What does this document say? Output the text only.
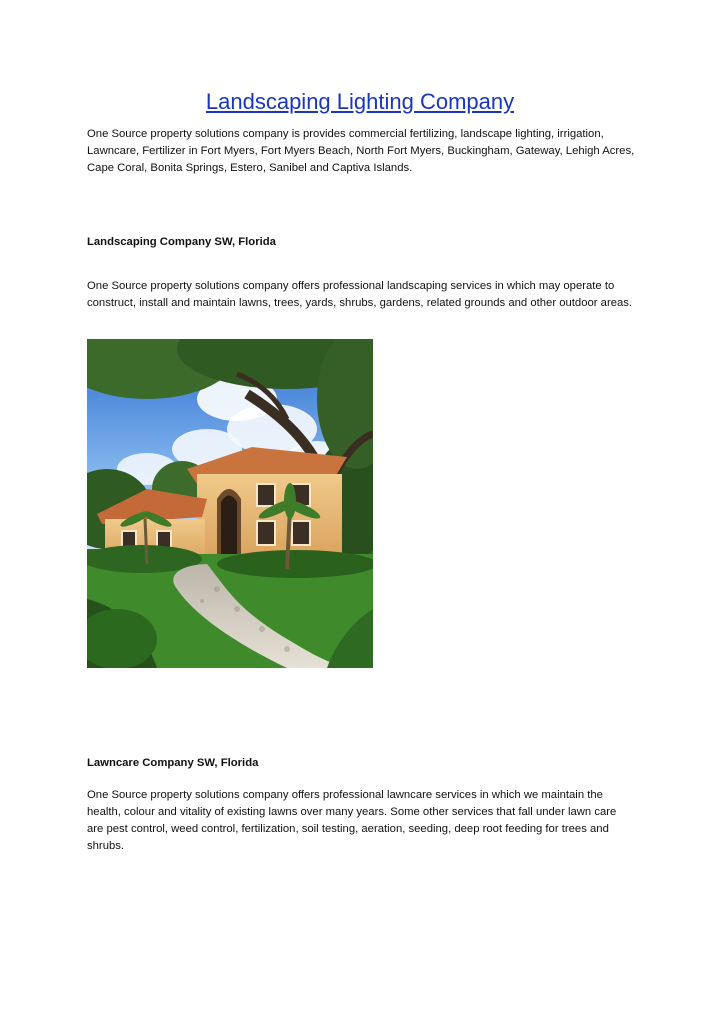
Landscaping Lighting Company

One Source property solutions company is provides commercial fertilizing, landscape lighting, irrigation, Lawncare, Fertilizer in Fort Myers, Fort Myers Beach, North Fort Myers, Buckingham, Gateway, Lehigh Acres, Cape Coral, Bonita Springs, Estero, Sanibel and Captiva Islands.

Landscaping Company SW, Florida

One Source property solutions company offers professional landscaping services in which may operate to construct, install and maintain lawns, trees, yards, shrubs, gardens, related grounds and other outdoor areas.

Lawncare Company SW, Florida

One Source property solutions company offers professional lawncare services in which we maintain the health, colour and vitality of existing lawns over many years. Some other services that fall under lawn care are pest control, weed control, fertilization, soil testing, aeration, seeding, deep root feeding for trees and shrubs.
